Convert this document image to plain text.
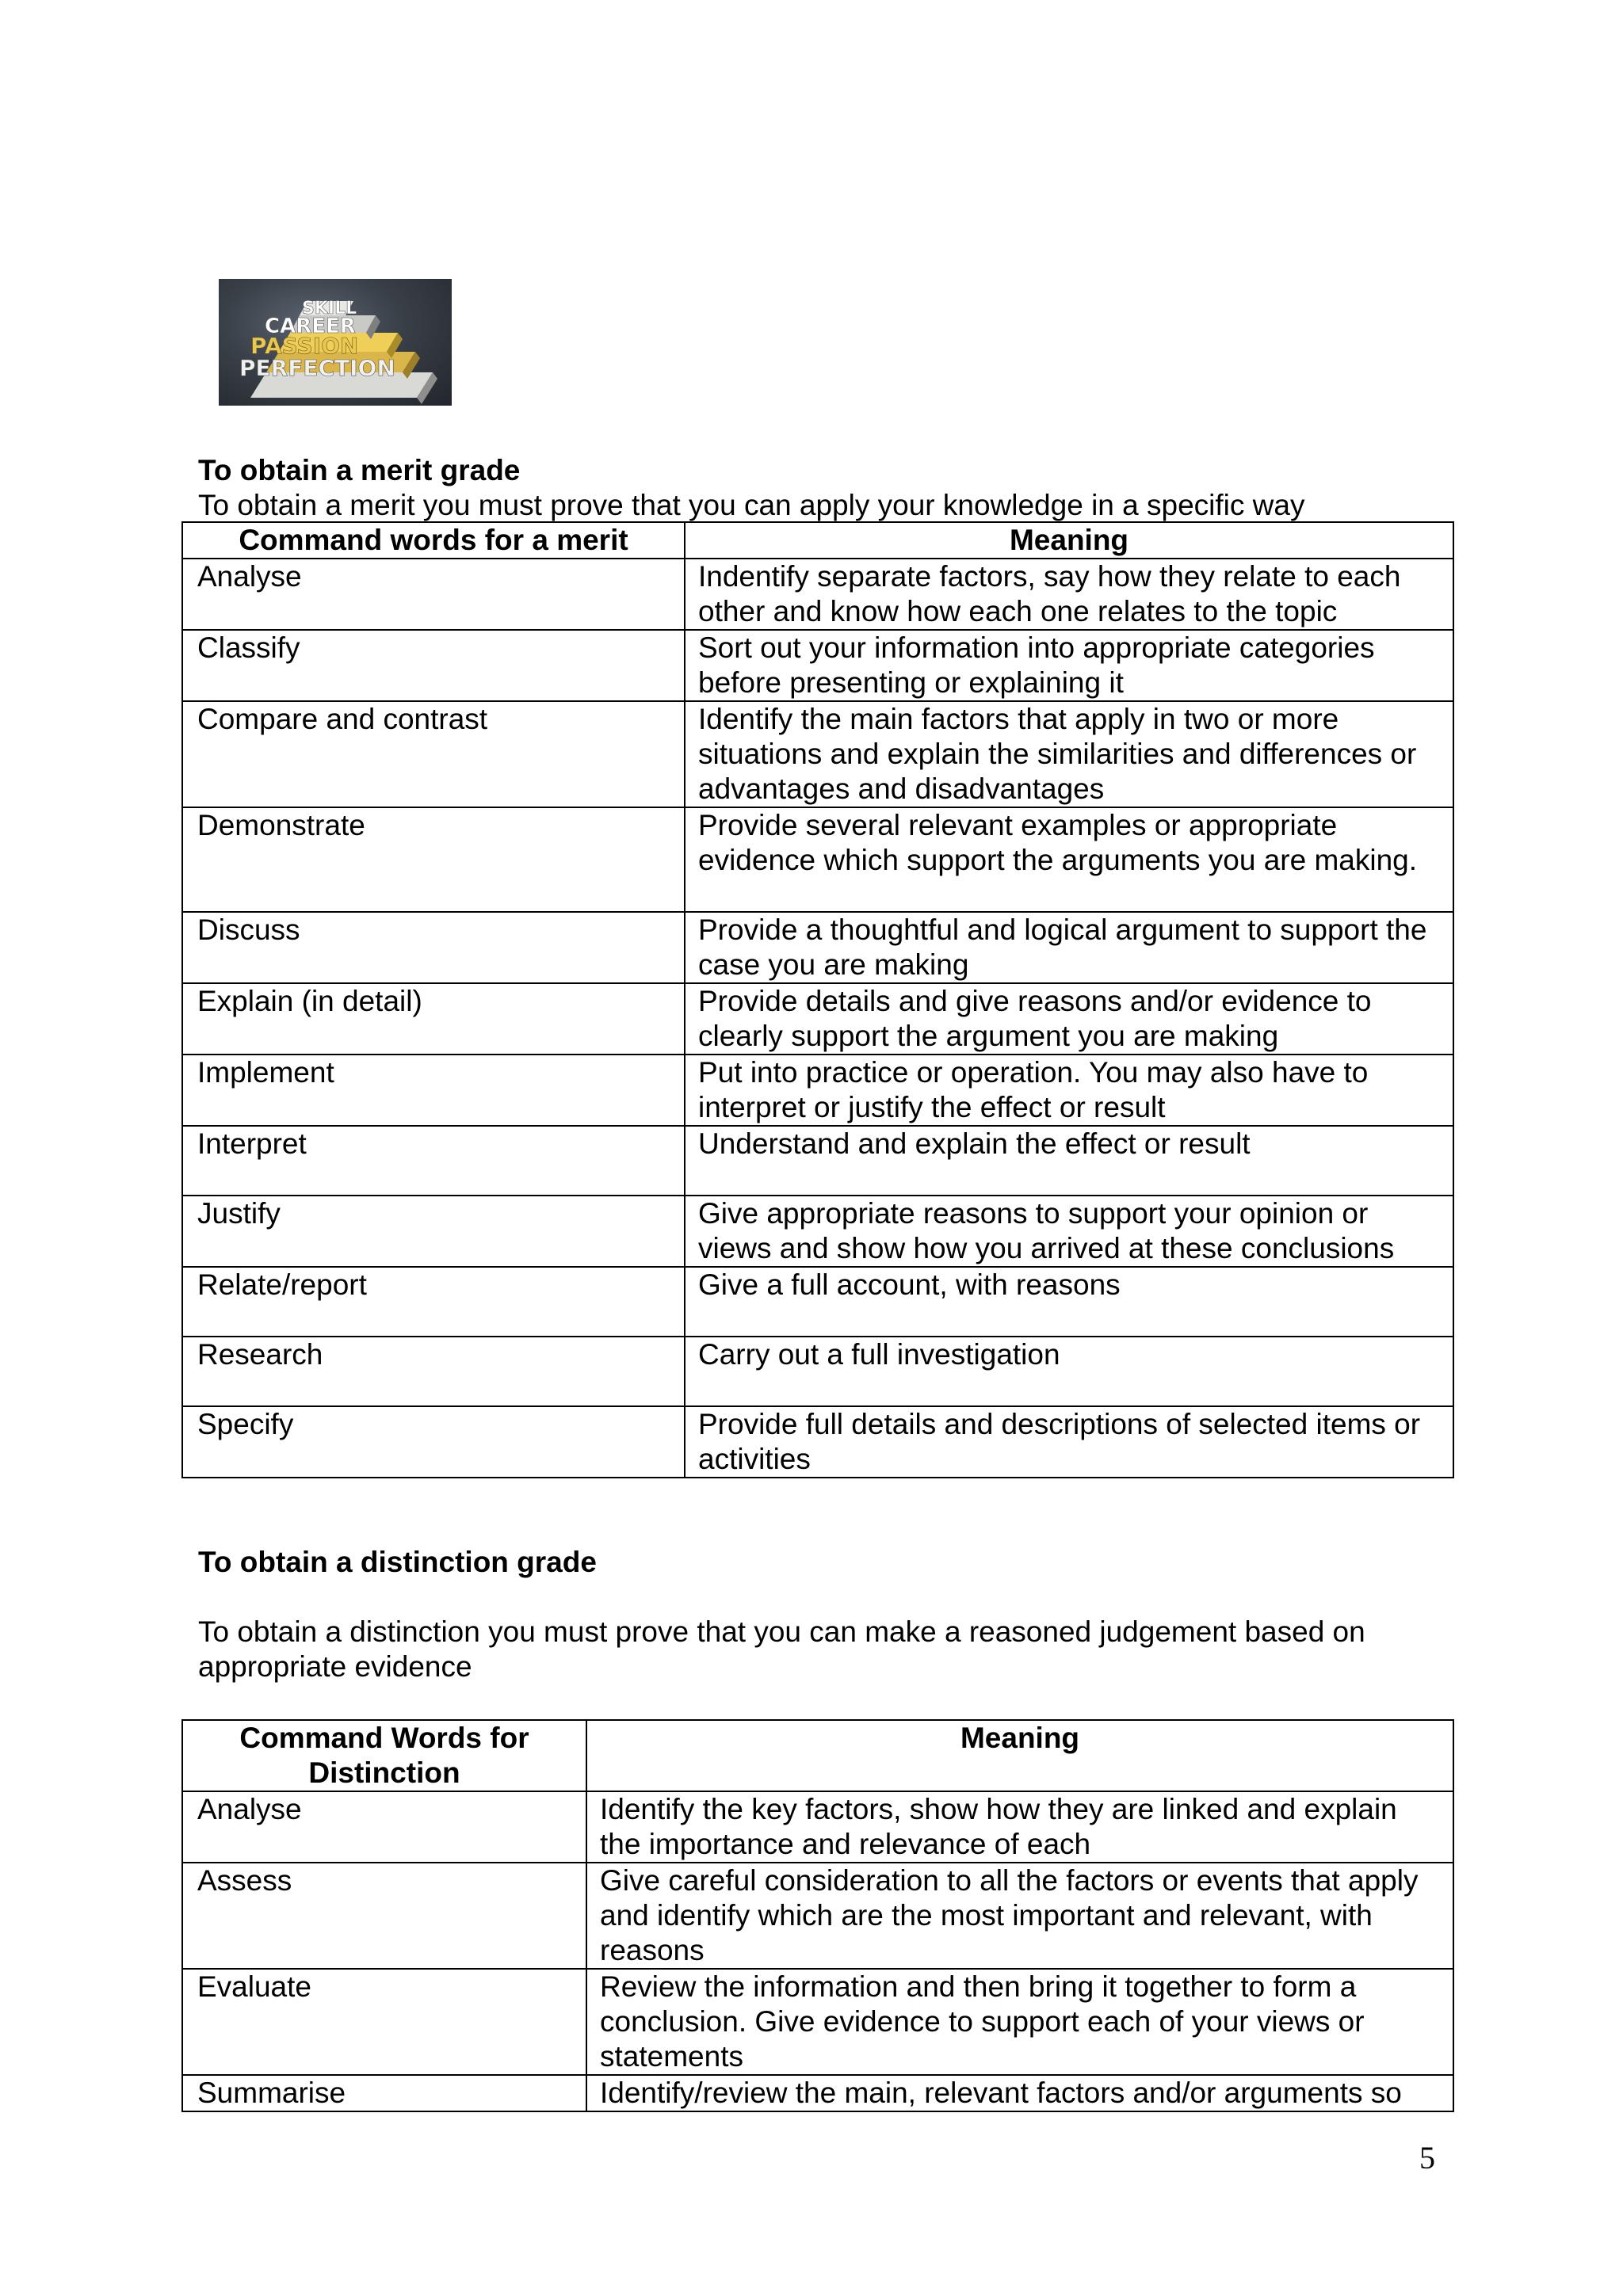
SKILL
CAREER
PASSION
PERFECTION
To obtain a merit grade
To obtain a merit you must prove that you can apply your knowledge in a specific way
Command words for a merit	Meaning
Analyse	Indentify separate factors, say how they relate to each other and know how each one relates to the topic
Classify	Sort out your information into appropriate categories before presenting or explaining it
Compare and contrast	Identify the main factors that apply in two or more situations and explain the similarities and differences or advantages and disadvantages
Demonstrate	Provide several relevant examples or appropriate evidence which support the arguments you are making.
Discuss	Provide a thoughtful and logical argument to support the case you are making
Explain (in detail)	Provide details and give reasons and/or evidence to clearly support the argument you are making
Implement	Put into practice or operation. You may also have to interpret or justify the effect or result
Interpret	Understand and explain the effect or result
Justify	Give appropriate reasons to support your opinion or views and show how you arrived at these conclusions
Relate/report	Give a full account, with reasons
Research	Carry out a full investigation
Specify	Provide full details and descriptions of selected items or activities
To obtain a distinction grade
To obtain a distinction you must prove that you can make a reasoned judgement based on appropriate evidence
Command Words for Distinction	Meaning
Analyse	Identify the key factors, show how they are linked and explain the importance and relevance of each
Assess	Give careful consideration to all the factors or events that apply and identify which are the most important and relevant, with reasons
Evaluate	Review the information and then bring it together to form a conclusion. Give evidence to support each of your views or statements
Summarise	Identify/review the main, relevant factors and/or arguments so
5
